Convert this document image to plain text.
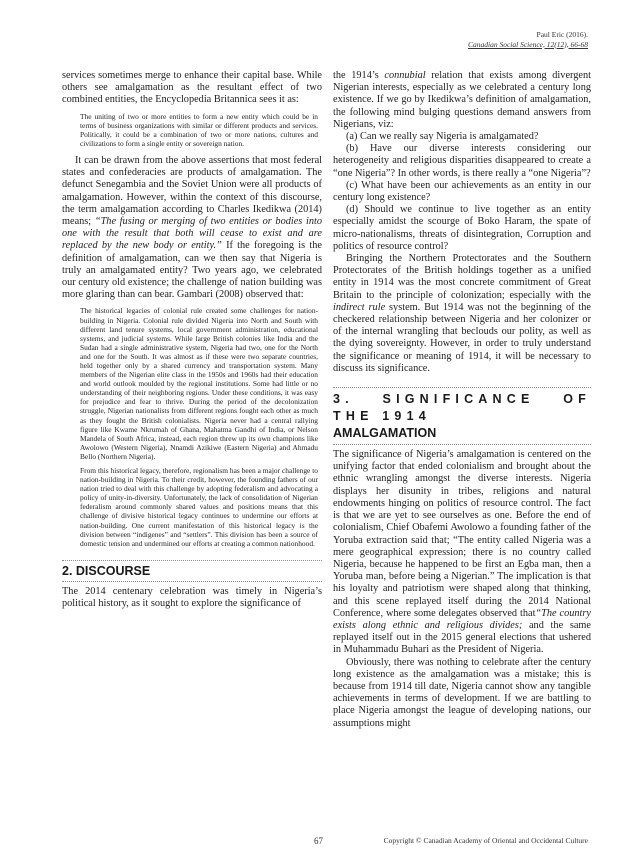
Paul Eric (2016).
Canadian Social Science, 12(12), 66-68

services sometimes merge to enhance their capital base. While others see amalgamation as the resultant effect of two combined entities, the Encyclopedia Britannica sees it as:

The uniting of two or more entities to form a new entity which could be in terms of business organizations with similar or different products and services. Politically, it could be a combination of two or more nations, cultures and civilizations to form a single entity or sovereign nation.

It can be drawn from the above assertions that most federal states and confederacies are products of amalgamation. The defunct Senegambia and the Soviet Union were all products of amalgamation. However, within the context of this discourse, the term amalgamation according to Charles Ikedikwa (2014) means; “The fusing or merging of two entities or bodies into one with the result that both will cease to exist and are replaced by the new body or entity.” If the foregoing is the definition of amalgamation, can we then say that Nigeria is truly an amalgamated entity? Two years ago, we celebrated our century old existence; the challenge of nation building was more glaring than can bear. Gambari (2008) observed that:

The historical legacies of colonial rule created some challenges for nation-building in Nigeria. Colonial rule divided Nigeria into North and South with different land tenure systems, local government administration, educational systems, and judicial systems. While large British colonies like India and the Sudan had a single administrative system, Nigeria had two, one for the North and one for the South. It was almost as if these were two separate countries, held together only by a shared currency and transportation system. Many members of the Nigerian elite class in the 1950s and 1960s had their education and world outlook moulded by the regional institutions. Some had little or no understanding of their neighboring regions. Under these conditions, it was easy for prejudice and fear to thrive. During the period of the decolonization struggle, Nigerian nationalists from different regions fought each other as much as they fought the British colonialists. Nigeria never had a central rallying figure like Kwame Nkrumah of Ghana, Mahatma Gandhi of India, or Nelson Mandela of South Africa, instead, each region threw up its own champions like Awolowo (Western Nigeria), Nnamdi Azikiwe (Eastern Nigeria) and Ahmadu Bello (Northern Nigeria).

From this historical legacy, therefore, regionalism has been a major challenge to nation-building in Nigeria. To their credit, however, the founding fathers of our nation tried to deal with this challenge by adopting federalism and advocating a policy of unity-in-diversity. Unfortunately, the lack of consolidation of Nigerian federalism around commonly shared values and positions means that this challenge of divisive historical legacy continues to undermine our efforts at nation-building. One current manifestation of this historical legacy is the division between “indigenes” and “settlers”. This division has been a source of domestic tension and undermined our efforts at creating a common nationhood.

2. DISCOURSE

The 2014 centenary celebration was timely in Nigeria’s political history, as it sought to explore the significance of

the 1914’s connubial relation that exists among divergent Nigerian interests, especially as we celebrated a century long existence. If we go by Ikedikwa’s definition of amalgamation, the following mind bulging questions demand answers from Nigerians, viz:

(a) Can we really say Nigeria is amalgamated?

(b) Have our diverse interests considering our heterogeneity and religious disparities disappeared to create a “one Nigeria”? In other words, is there really a “one Nigeria”?

(c) What have been our achievements as an entity in our century long existence?

(d) Should we continue to live together as an entity especially amidst the scourge of Boko Haram, the spate of micro-nationalisms, threats of disintegration, Corruption and politics of resource control?

Bringing the Northern Protectorates and the Southern Protectorates of the British holdings together as a unified entity in 1914 was the most concrete commitment of Great Britain to the principle of colonization; especially with the indirect rule system. But 1914 was not the beginning of the checkered relationship between Nigeria and her colonizer or of the internal wrangling that beclouds our polity, as well as the dying sovereignty. However, in order to truly understand the significance or meaning of 1914, it will be necessary to discuss its significance.

3. SIGNIFICANCE OF THE 1914
AMALGAMATION

The significance of Nigeria’s amalgamation is centered on the unifying factor that ended colonialism and brought about the ethnic wrangling amongst the diverse interests. Nigeria displays her disunity in tribes, religions and natural endowments hinging on politics of resource control. The fact is that we are yet to see ourselves as one. Before the end of colonialism, Chief Obafemi Awolowo a founding father of the Yoruba extraction said that; “The entity called Nigeria was a mere geographical expression; there is no country called Nigeria, because he happened to be first an Egba man, then a Yoruba man, before being a Nigerian.” The implication is that his loyalty and patriotism were shaped along that thinking, and this scene replayed itself during the 2014 National Conference, where some delegates observed that“The country exists along ethnic and religious divides; and the same replayed itself out in the 2015 general elections that ushered in Muhammadu Buhari as the President of Nigeria.

Obviously, there was nothing to celebrate after the century long existence as the amalgamation was a mistake; this is because from 1914 till date, Nigeria cannot show any tangible achievements in terms of development. If we are battling to place Nigeria amongst the league of developing nations, our assumptions might

67	Copyright © Canadian Academy of Oriental and Occidental Culture
